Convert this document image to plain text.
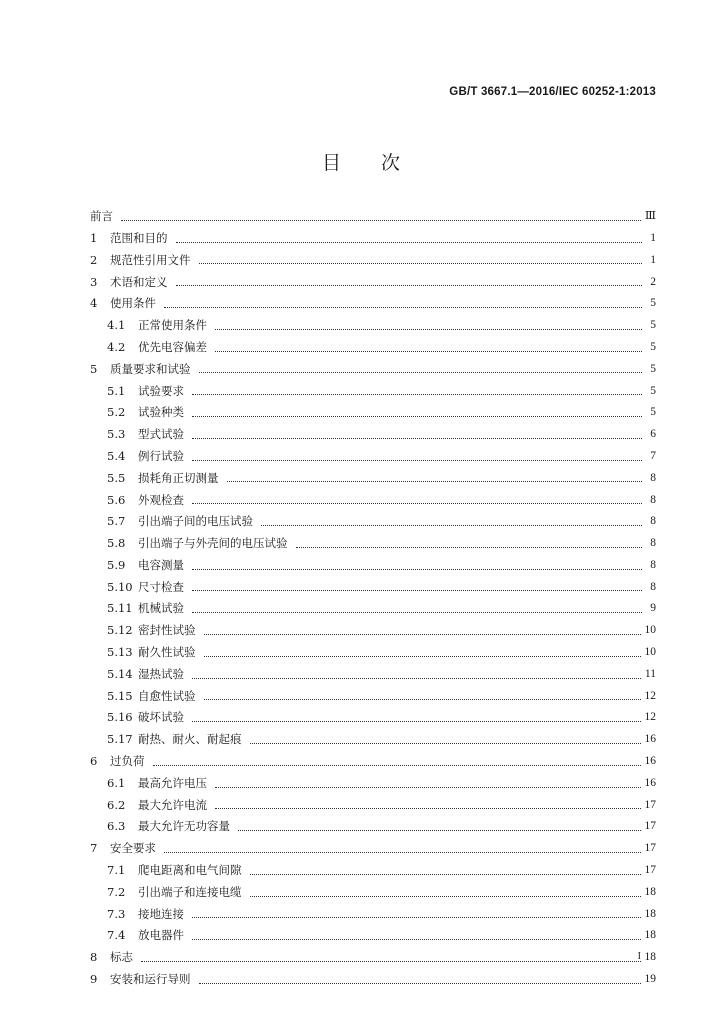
GB/T 3667.1—2016/IEC 60252-1:2013
目 次
前言	Ⅲ
1	范围和目的	1
2	规范性引用文件	1
3	术语和定义	2
4	使用条件	5
4.1	正常使用条件	5
4.2	优先电容偏差	5
5	质量要求和试验	5
5.1	试验要求	5
5.2	试验种类	5
5.3	型式试验	6
5.4	例行试验	7
5.5	损耗角正切测量	8
5.6	外观检查	8
5.7	引出端子间的电压试验	8
5.8	引出端子与外壳间的电压试验	8
5.9	电容测量	8
5.10 尺寸检查	8
5.11 机械试验	9
5.12 密封性试验	10
5.13 耐久性试验	10
5.14 湿热试验	11
5.15 自愈性试验	12
5.16 破坏试验	12
5.17 耐热、耐火、耐起痕	16
6	过负荷	16
6.1	最高允许电压	16
6.2	最大允许电流	17
6.3	最大允许无功容量	17
7	安全要求	17
7.1	爬电距离和电气间隙	17
7.2	引出端子和连接电缆	18
7.3	接地连接	18
7.4	放电器件	18
8	标志	18
9	安装和运行导则	19
I
